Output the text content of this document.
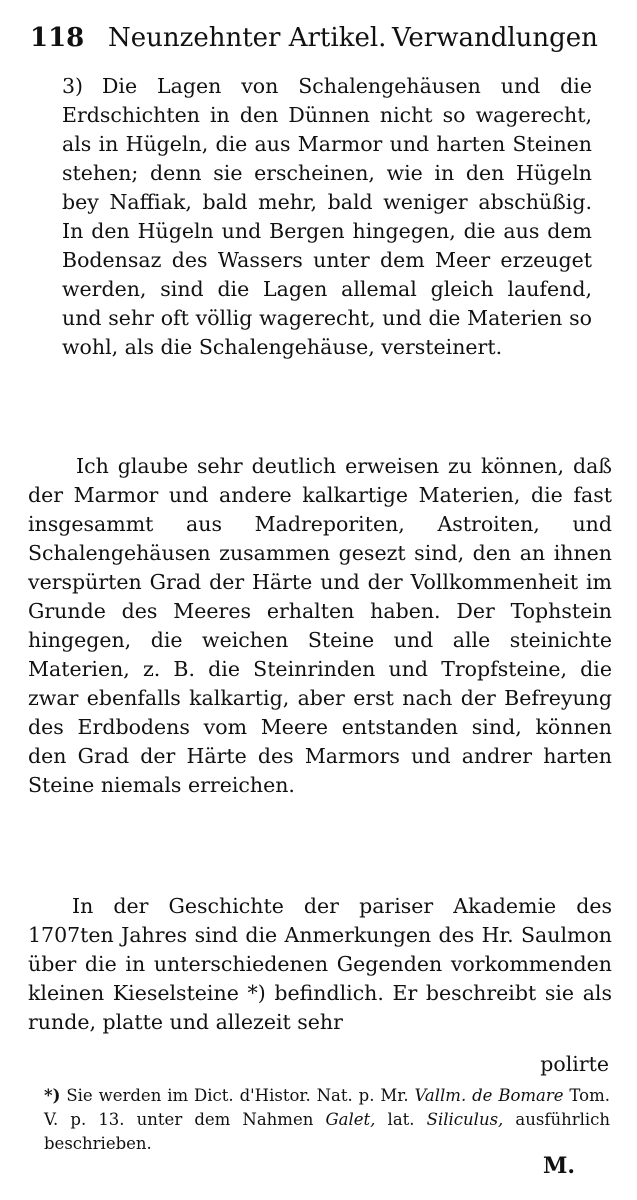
118 Neunzehnter Artikel. Verwandlungen

3) Die Lagen von Schalengehäusen und die Erdschichten in den Dünnen nicht so wagerecht, als in Hügeln, die aus Marmor und harten Steinen stehen; denn sie erscheinen, wie in den Hügeln bey Naffiak, bald mehr, bald weniger abschüßig. In den Hügeln und Bergen hingegen, die aus dem Bodensaz des Wassers unter dem Meer erzeuget werden, sind die Lagen allemal gleich laufend, und sehr oft völlig wagerecht, und die Materien so wohl, als die Schalengehäuse, versteinert.

Ich glaube sehr deutlich erweisen zu können, daß der Marmor und andere kalkartige Materien, die fast insgesammt aus Madreporiten, Astroiten, und Schalengehäusen zusammen gesezt sind, den an ihnen verspürten Grad der Härte und der Vollkommenheit im Grunde des Meeres erhalten haben. Der Tophstein hingegen, die weichen Steine und alle steinichte Materien, z. B. die Steinrinden und Tropfsteine, die zwar ebenfalls kalkartig, aber erst nach der Befreyung des Erdbodens vom Meere entstanden sind, können den Grad der Härte des Marmors und andrer harten Steine niemals erreichen.

In der Geschichte der pariser Akademie des 1707ten Jahres sind die Anmerkungen des Hr. Saulmon über die in unterschiedenen Gegenden vorkommenden kleinen Kieselsteine *) befindlich. Er beschreibt sie als runde, platte und allezeit sehr

polirte
*) Sie werden im Dict. d'Histor. Nat. p. Mr. Vallm. de Bomare Tom. V. p. 13. unter dem Nahmen Galet, lat. Siliculus, ausführlich beschrieben.
M.
